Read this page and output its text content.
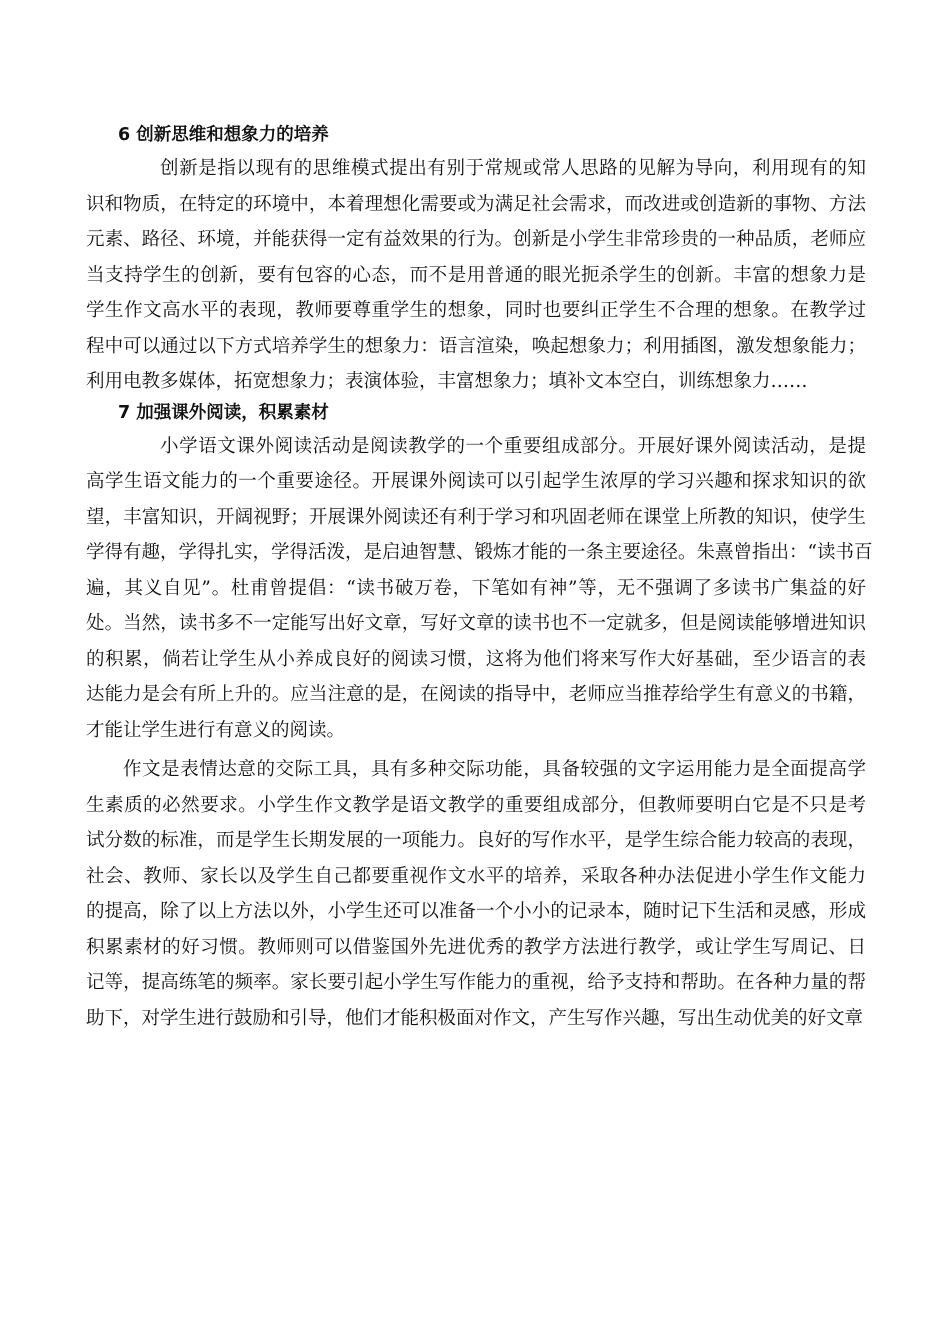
6 创新思维和想象力的培养

创新是指以现有的思维模式提出有别于常规或常人思路的见解为导向，利用现有的知
识和物质，在特定的环境中，本着理想化需要或为满足社会需求，而改进或创造新的事物、方法
元素、路径、环境，并能获得一定有益效果的行为。创新是小学生非常珍贵的一种品质，老师应
当支持学生的创新，要有包容的心态，而不是用普通的眼光扼杀学生的创新。丰富的想象力是
学生作文高水平的表现，教师要尊重学生的想象，同时也要纠正学生不合理的想象。在教学过
程中可以通过以下方式培养学生的想象力：语言渲染，唤起想象力；利用插图，激发想象能力；
利用电教多媒体，拓宽想象力；表演体验，丰富想象力；填补文本空白，训练想象力……

7 加强课外阅读，积累素材

小学语文课外阅读活动是阅读教学的一个重要组成部分。开展好课外阅读活动，是提
高学生语文能力的一个重要途径。开展课外阅读可以引起学生浓厚的学习兴趣和探求知识的欲
望，丰富知识，开阔视野；开展课外阅读还有利于学习和巩固老师在课堂上所教的知识，使学生
学得有趣，学得扎实，学得活泼，是启迪智慧、锻炼才能的一条主要途径。朱熹曾指出：“读书百
遍，其义自见”。杜甫曾提倡：“读书破万卷，下笔如有神”等，无不强调了多读书广集益的好
处。当然，读书多不一定能写出好文章，写好文章的读书也不一定就多，但是阅读能够增进知识
的积累，倘若让学生从小养成良好的阅读习惯，这将为他们将来写作大好基础，至少语言的表
达能力是会有所上升的。应当注意的是，在阅读的指导中，老师应当推荐给学生有意义的书籍，
才能让学生进行有意义的阅读。

作文是表情达意的交际工具，具有多种交际功能，具备较强的文字运用能力是全面提高学
生素质的必然要求。小学生作文教学是语文教学的重要组成部分，但教师要明白它是不只是考
试分数的标准，而是学生长期发展的一项能力。良好的写作水平，是学生综合能力较高的表现，
社会、教师、家长以及学生自己都要重视作文水平的培养，采取各种办法促进小学生作文能力
的提高，除了以上方法以外，小学生还可以准备一个小小的记录本，随时记下生活和灵感，形成
积累素材的好习惯。教师则可以借鉴国外先进优秀的教学方法进行教学，或让学生写周记、日
记等，提高练笔的频率。家长要引起小学生写作能力的重视，给予支持和帮助。在各种力量的帮
助下，对学生进行鼓励和引导，他们才能积极面对作文，产生写作兴趣，写出生动优美的好文章
